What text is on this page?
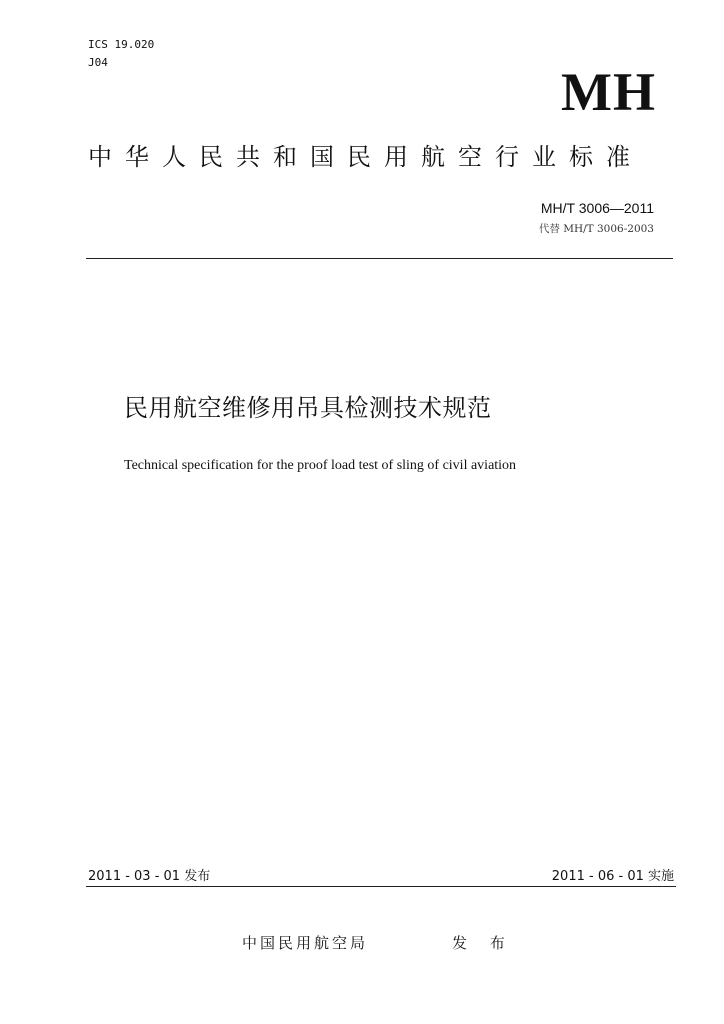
ICS 19.020
J04	MH
中华人民共和国民用航空行业标准
MH/T 3006—2011
代替 MH/T 3006-2003
民用航空维修用吊具检测技术规范
Technical specification for the proof load test of sling of civil aviation
2011 - 03 - 01 发布	2011 - 06 - 01 实施
中国民用航空局	发 布
